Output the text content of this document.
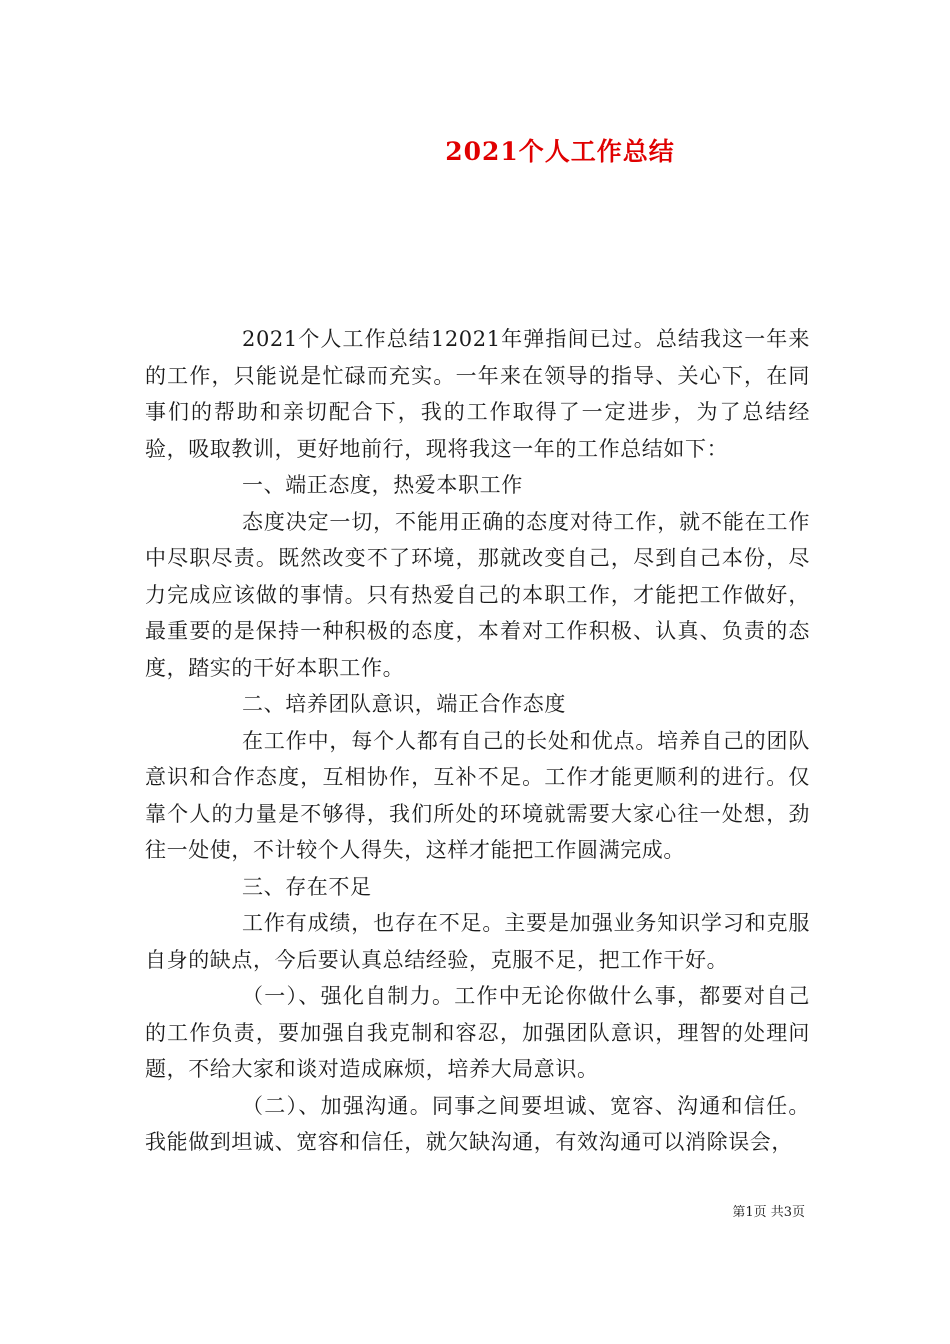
2021个人工作总结

2021个人工作总结12021年弹指间已过。总结我这一年来的工作，只能说是忙碌而充实。一年来在领导的指导、关心下，在同事们的帮助和亲切配合下，我的工作取得了一定进步，为了总结经验，吸取教训，更好地前行，现将我这一年的工作总结如下：

一、端正态度，热爱本职工作

态度决定一切，不能用正确的态度对待工作，就不能在工作中尽职尽责。既然改变不了环境，那就改变自己，尽到自己本份，尽力完成应该做的事情。只有热爱自己的本职工作，才能把工作做好，最重要的是保持一种积极的态度，本着对工作积极、认真、负责的态度，踏实的干好本职工作。

二、培养团队意识，端正合作态度

在工作中，每个人都有自己的长处和优点。培养自己的团队意识和合作态度，互相协作，互补不足。工作才能更顺利的进行。仅靠个人的力量是不够得，我们所处的环境就需要大家心往一处想，劲往一处使，不计较个人得失，这样才能把工作圆满完成。

三、存在不足

工作有成绩，也存在不足。主要是加强业务知识学习和克服自身的缺点，今后要认真总结经验，克服不足，把工作干好。

（一）、强化自制力。工作中无论你做什么事，都要对自己的工作负责，要加强自我克制和容忍，加强团队意识，理智的处理问题，不给大家和谈对造成麻烦，培养大局意识。

（二）、加强沟通。同事之间要坦诚、宽容、沟通和信任。我能做到坦诚、宽容和信任，就欠缺沟通，有效沟通可以消除误会，

第1页 共3页
